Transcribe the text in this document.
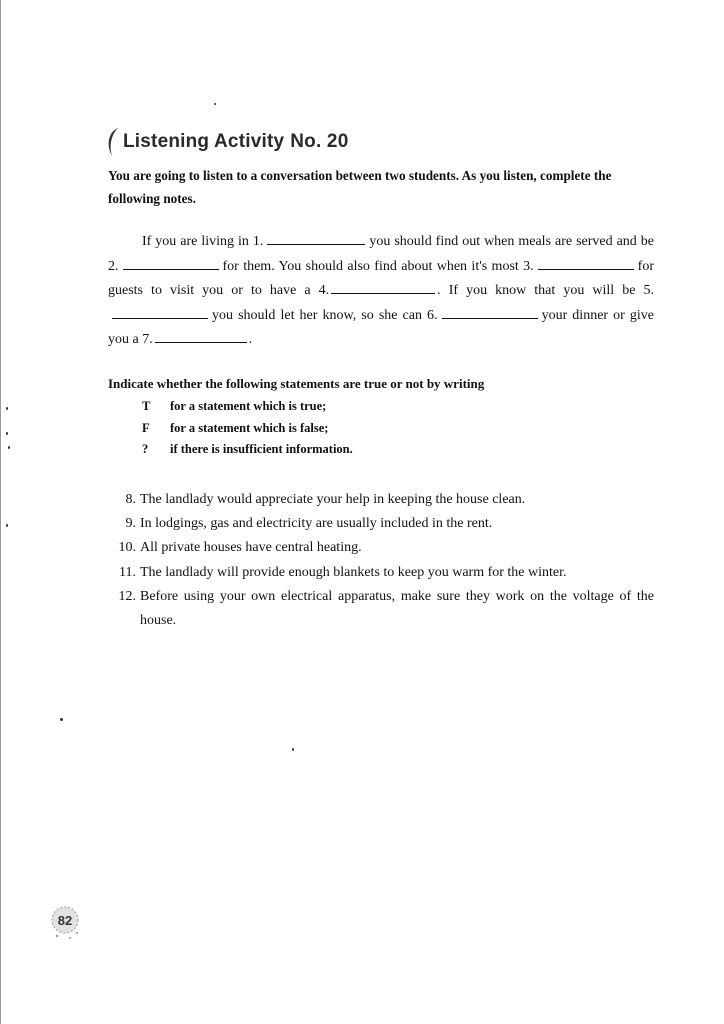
Listening Activity No. 20
You are going to listen to a conversation between two students. As you listen, complete the following notes.
If you are living in 1.	you should find out when meals are served and be 2.	for them. You should also find about when it's most 3.	for guests to visit you or to have a 4.	. If you know that you will be 5.you should let her know, so she can 6.	your dinner or give you a 7.	.
Indicate whether the following statements are true or not by writing
T	for a statement which is true;
F	for a statement which is false;
?	if there is insufficient information.
8. The landlady would appreciate your help in keeping the house clean.
9. In lodgings, gas and electricity are usually included in the rent.
10. All private houses have central heating.
11. The landlady will provide enough blankets to keep you warm for the winter.
12. Before using your own electrical apparatus, make sure they work on the voltage of the house.
82
